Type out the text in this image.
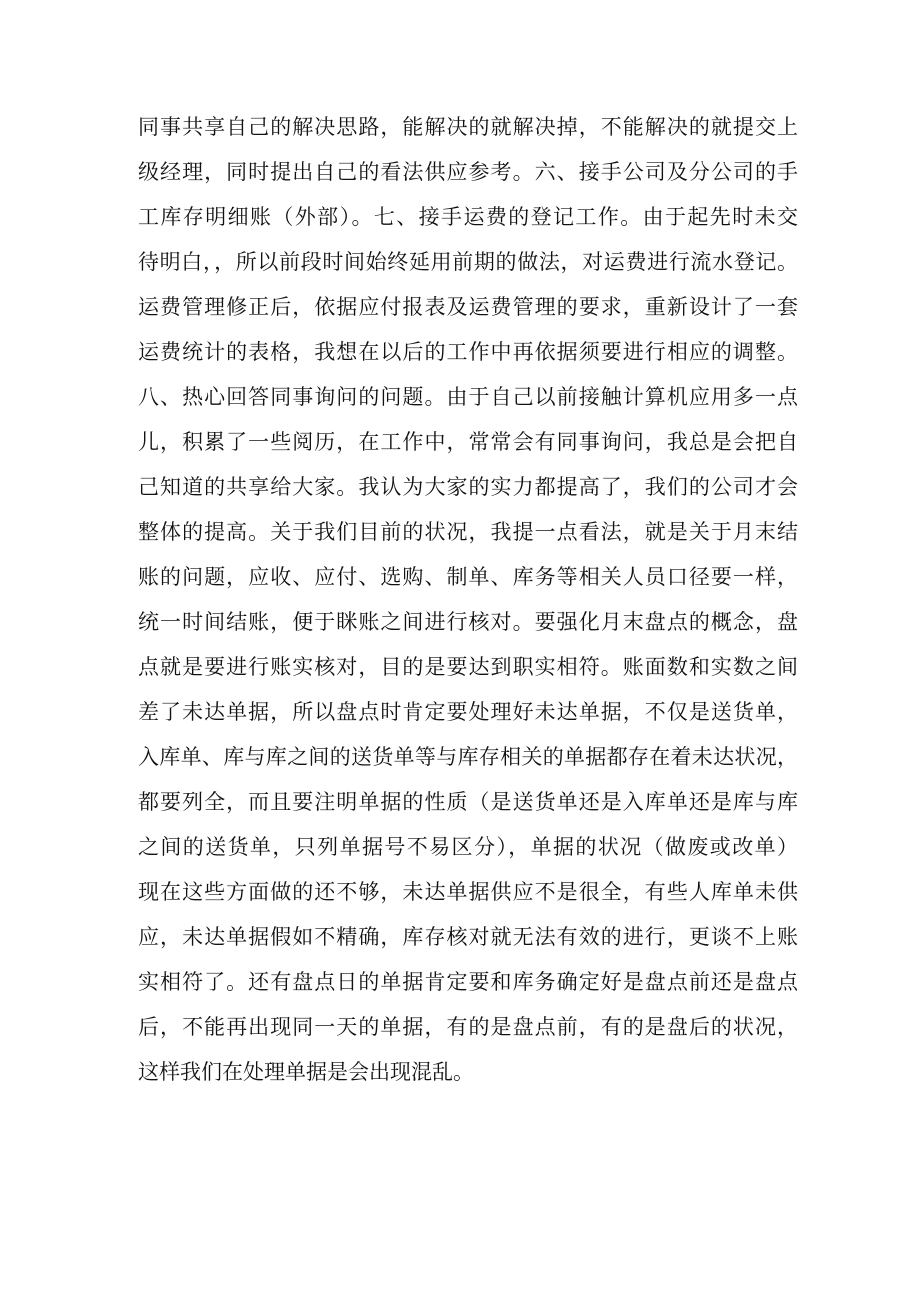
同事共享自己的解决思路，能解决的就解决掉，不能解决的就提交上
级经理，同时提出自己的看法供应参考。六、接手公司及分公司的手
工库存明细账（外部）。七、接手运费的登记工作。由于起先时未交
待明白，，所以前段时间始终延用前期的做法，对运费进行流水登记。
运费管理修正后，依据应付报表及运费管理的要求，重新设计了一套
运费统计的表格，我想在以后的工作中再依据须要进行相应的调整。
八、热心回答同事询问的问题。由于自己以前接触计算机应用多一点
儿，积累了一些阅历，在工作中，常常会有同事询问，我总是会把自
己知道的共享给大家。我认为大家的实力都提高了，我们的公司才会
整体的提高。关于我们目前的状况，我提一点看法，就是关于月末结
账的问题，应收、应付、选购、制单、库务等相关人员口径要一样，
统一时间结账，便于眯账之间进行核对。要强化月末盘点的概念，盘
点就是要进行账实核对，目的是要达到职实相符。账面数和实数之间
差了未达单据，所以盘点时肯定要处理好未达单据，不仅是送货单，
入库单、库与库之间的送货单等与库存相关的单据都存在着未达状况，
都要列全，而且要注明单据的性质（是送货单还是入库单还是库与库
之间的送货单，只列单据号不易区分），单据的状况（做废或改单）
现在这些方面做的还不够，未达单据供应不是很全，有些人库单未供
应，未达单据假如不精确，库存核对就无法有效的进行，更谈不上账
实相符了。还有盘点日的单据肯定要和库务确定好是盘点前还是盘点
后，不能再出现同一天的单据，有的是盘点前，有的是盘后的状况，
这样我们在处理单据是会出现混乱。
